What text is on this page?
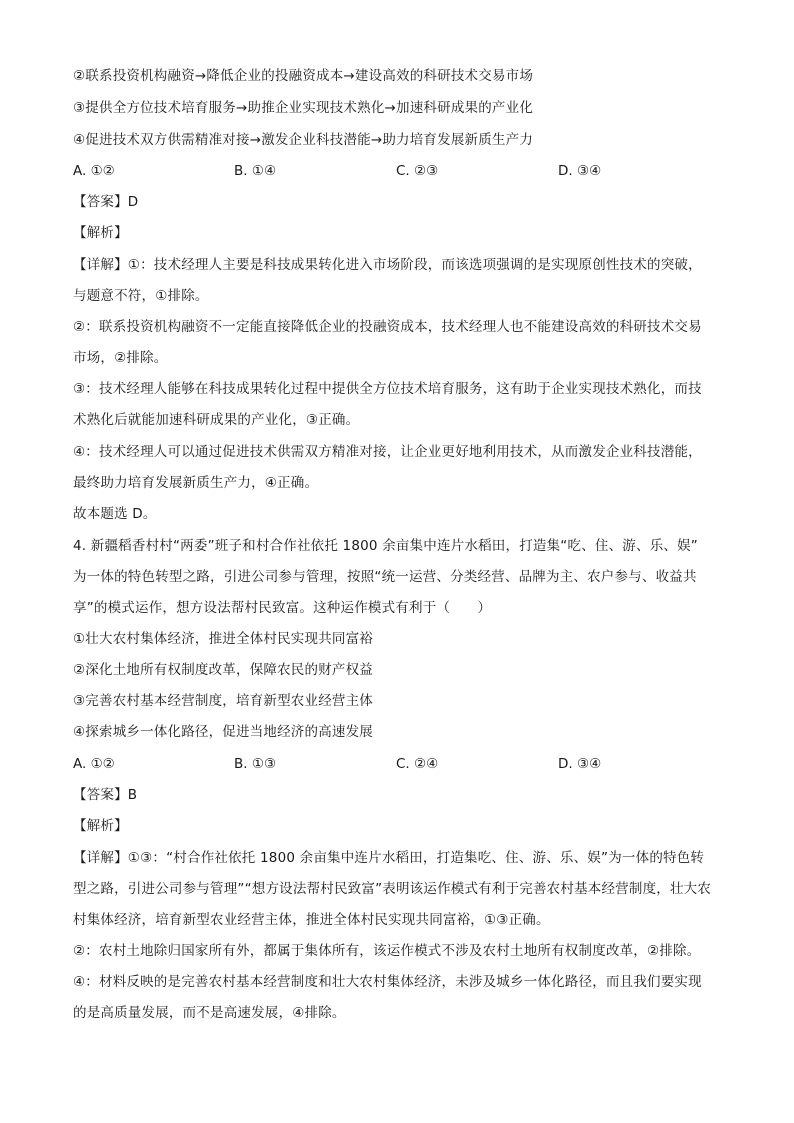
②联系投资机构融资→降低企业的投融资成本→建设高效的科研技术交易市场
③提供全方位技术培育服务→助推企业实现技术熟化→加速科研成果的产业化
④促进技术双方供需精准对接→激发企业科技潜能→助力培育发展新质生产力
A. ①②	B. ①④	C. ②③	D. ③④
【答案】D
【解析】
【详解】①：技术经理人主要是科技成果转化进入市场阶段，而该选项强调的是实现原创性技术的突破，
与题意不符，①排除。
②：联系投资机构融资不一定能直接降低企业的投融资成本，技术经理人也不能建设高效的科研技术交易
市场，②排除。
③：技术经理人能够在科技成果转化过程中提供全方位技术培育服务，这有助于企业实现技术熟化，而技
术熟化后就能加速科研成果的产业化，③正确。
④：技术经理人可以通过促进技术供需双方精准对接，让企业更好地利用技术，从而激发企业科技潜能，
最终助力培育发展新质生产力，④正确。
故本题选 D。
4. 新疆稻香村村“两委”班子和村合作社依托 1800 余亩集中连片水稻田，打造集“吃、住、游、乐、娱”
为一体的特色转型之路，引进公司参与管理，按照“统一运营、分类经营、品牌为主、农户参与、收益共
享”的模式运作，想方设法帮村民致富。这种运作模式有利于（　　）
①壮大农村集体经济，推进全体村民实现共同富裕
②深化土地所有权制度改革，保障农民的财产权益
③完善农村基本经营制度，培育新型农业经营主体
④探索城乡一体化路径，促进当地经济的高速发展
A. ①②	B. ①③	C. ②④	D. ③④
【答案】B
【解析】
【详解】①③：“村合作社依托 1800 余亩集中连片水稻田，打造集吃、住、游、乐、娱”为一体的特色转
型之路，引进公司参与管理”“想方设法帮村民致富”表明该运作模式有利于完善农村基本经营制度，壮大农
村集体经济，培育新型农业经营主体，推进全体村民实现共同富裕，①③正确。
②：农村土地除归国家所有外，都属于集体所有，该运作模式不涉及农村土地所有权制度改革，②排除。
④：材料反映的是完善农村基本经营制度和壮大农村集体经济，未涉及城乡一体化路径，而且我们要实现
的是高质量发展，而不是高速发展，④排除。
